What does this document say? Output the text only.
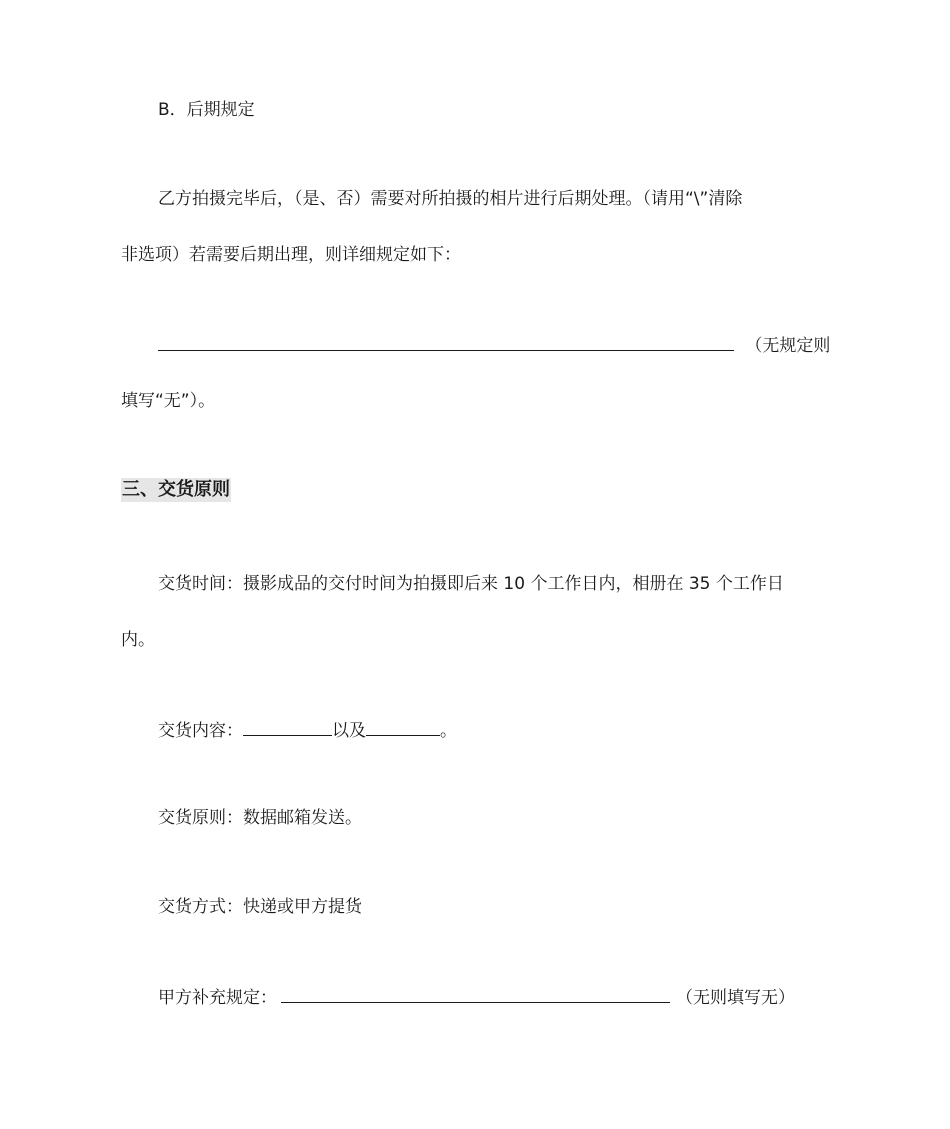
B．后期规定
乙方拍摄完毕后，（是、否）需要对所拍摄的相片进行后期处理。（请用“\”清除
非选项）若需要后期出理，则详细规定如下：
（无规定则
填写“无”）。
三、交货原则
交货时间：摄影成品的交付时间为拍摄即后来 10 个工作日内，相册在 35 个工作日
内。
交货内容：	以及	。
交货原则：数据邮箱发送。
交货方式：快递或甲方提货
甲方补充规定：	（无则填写无）
